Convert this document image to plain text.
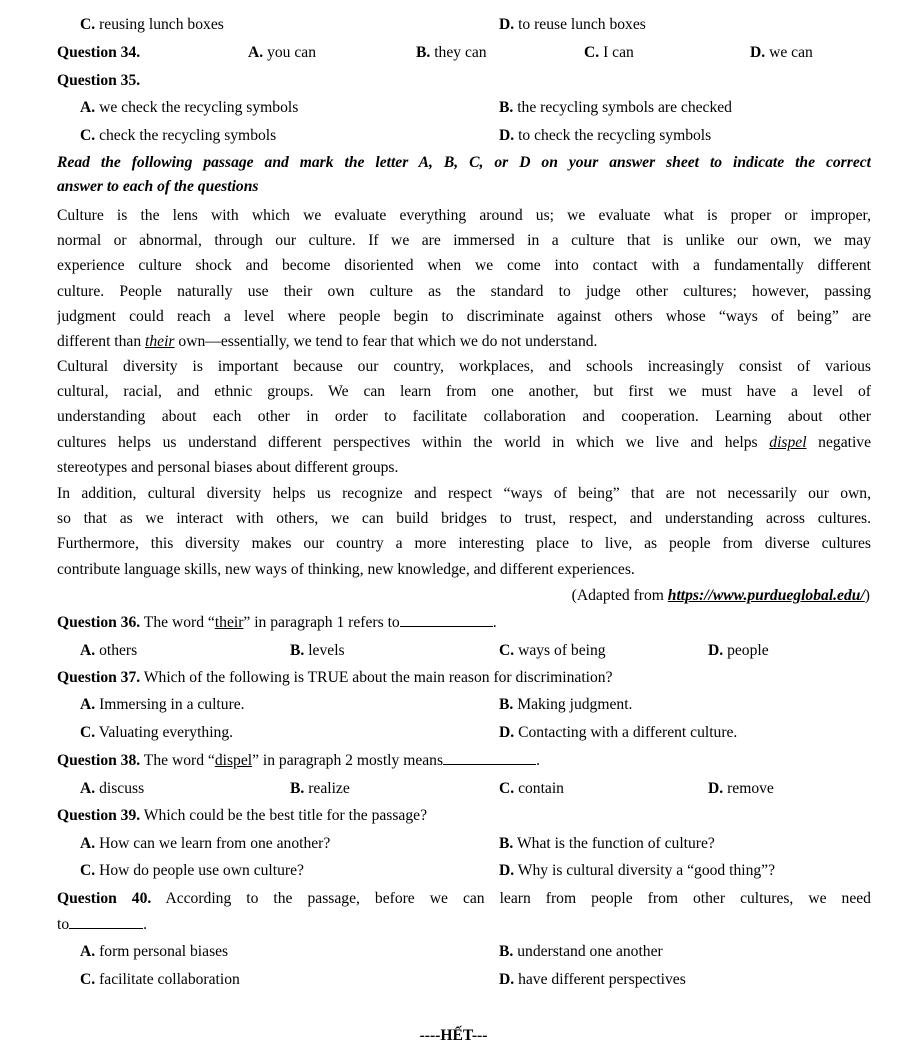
C. reusing lunch boxes	D. to reuse lunch boxes
Question 34.	A. you can	B. they can	C. I can	D. we can
Question 35.
A. we check the recycling symbols	B. the recycling symbols are checked
C. check the recycling symbols	D. to check the recycling symbols
Read the following passage and mark the letter A, B, C, or D on your answer sheet to indicate the correct
answer to each of the questions
Culture is the lens with which we evaluate everything around us; we evaluate what is proper or improper,
normal or abnormal, through our culture. If we are immersed in a culture that is unlike our own, we may
experience culture shock and become disoriented when we come into contact with a fundamentally different
culture. People naturally use their own culture as the standard to judge other cultures; however, passing
judgment could reach a level where people begin to discriminate against others whose “ways of being” are
different than their own—essentially, we tend to fear that which we do not understand.
Cultural diversity is important because our country, workplaces, and schools increasingly consist of various
cultural, racial, and ethnic groups. We can learn from one another, but first we must have a level of
understanding about each other in order to facilitate collaboration and cooperation. Learning about other
cultures helps us understand different perspectives within the world in which we live and helps dispel negative
stereotypes and personal biases about different groups.
In addition, cultural diversity helps us recognize and respect “ways of being” that are not necessarily our own,
so that as we interact with others, we can build bridges to trust, respect, and understanding across cultures.
Furthermore, this diversity makes our country a more interesting place to live, as people from diverse cultures
contribute language skills, new ways of thinking, new knowledge, and different experiences.
(Adapted from https://www.purdueglobal.edu/)
Question 36. The word “their” in paragraph 1 refers to	.
A. others	B. levels	C. ways of being	D. people
Question 37. Which of the following is TRUE about the main reason for discrimination?
A. Immersing in a culture.	B. Making judgment.
C. Valuating everything.	D. Contacting with a different culture.
Question 38. The word “dispel” in paragraph 2 mostly means	.
A. discuss	B. realize	C. contain	D. remove
Question 39. Which could be the best title for the passage?
A. How can we learn from one another?	B. What is the function of culture?
C. How do people use own culture?	D. Why is cultural diversity a “good thing”?
Question 40. According to the passage, before we can learn from people from other cultures, we need
to	.
A. form personal biases	B. understand one another
C. facilitate collaboration	D. have different perspectives
----HẾT---
